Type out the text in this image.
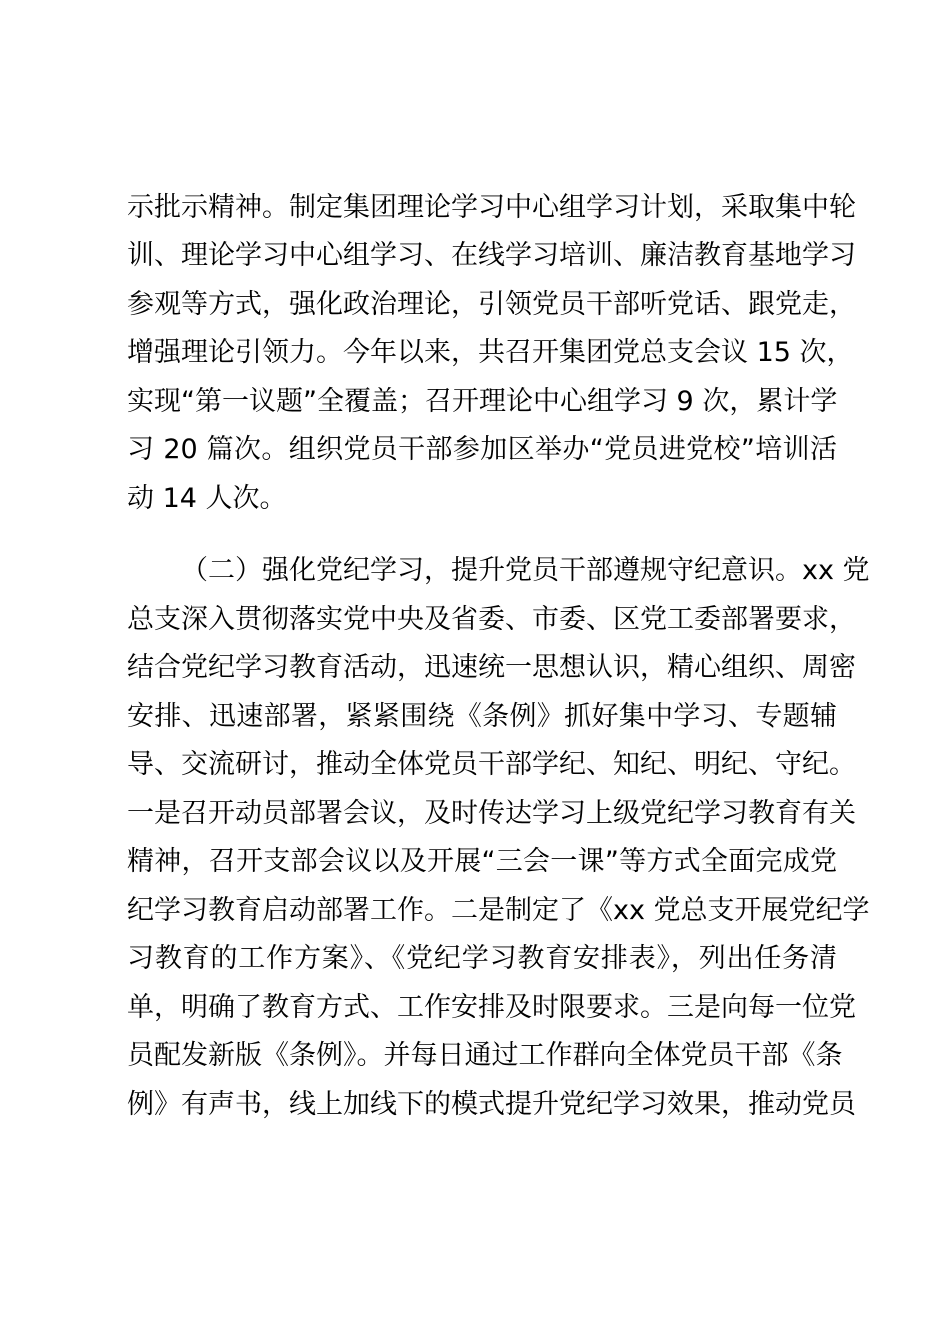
示批示精神。制定集团理论学习中心组学习计划，采取集中轮
训、理论学习中心组学习、在线学习培训、廉洁教育基地学习
参观等方式，强化政治理论，引领党员干部听党话、跟党走，
增强理论引领力。今年以来，共召开集团党总支会议 15 次，
实现“第一议题”全覆盖；召开理论中心组学习 9 次，累计学
习 20 篇次。组织党员干部参加区举办“党员进党校”培训活
动 14 人次。
（二）强化党纪学习，提升党员干部遵规守纪意识。xx 党
总支深入贯彻落实党中央及省委、市委、区党工委部署要求，
结合党纪学习教育活动，迅速统一思想认识，精心组织、周密
安排、迅速部署，紧紧围绕《条例》抓好集中学习、专题辅
导、交流研讨，推动全体党员干部学纪、知纪、明纪、守纪。
一是召开动员部署会议，及时传达学习上级党纪学习教育有关
精神，召开支部会议以及开展“三会一课”等方式全面完成党
纪学习教育启动部署工作。二是制定了《xx 党总支开展党纪学
习教育的工作方案》、《党纪学习教育安排表》，列出任务清
单，明确了教育方式、工作安排及时限要求。三是向每一位党
员配发新版《条例》。并每日通过工作群向全体党员干部《条
例》有声书，线上加线下的模式提升党纪学习效果，推动党员
